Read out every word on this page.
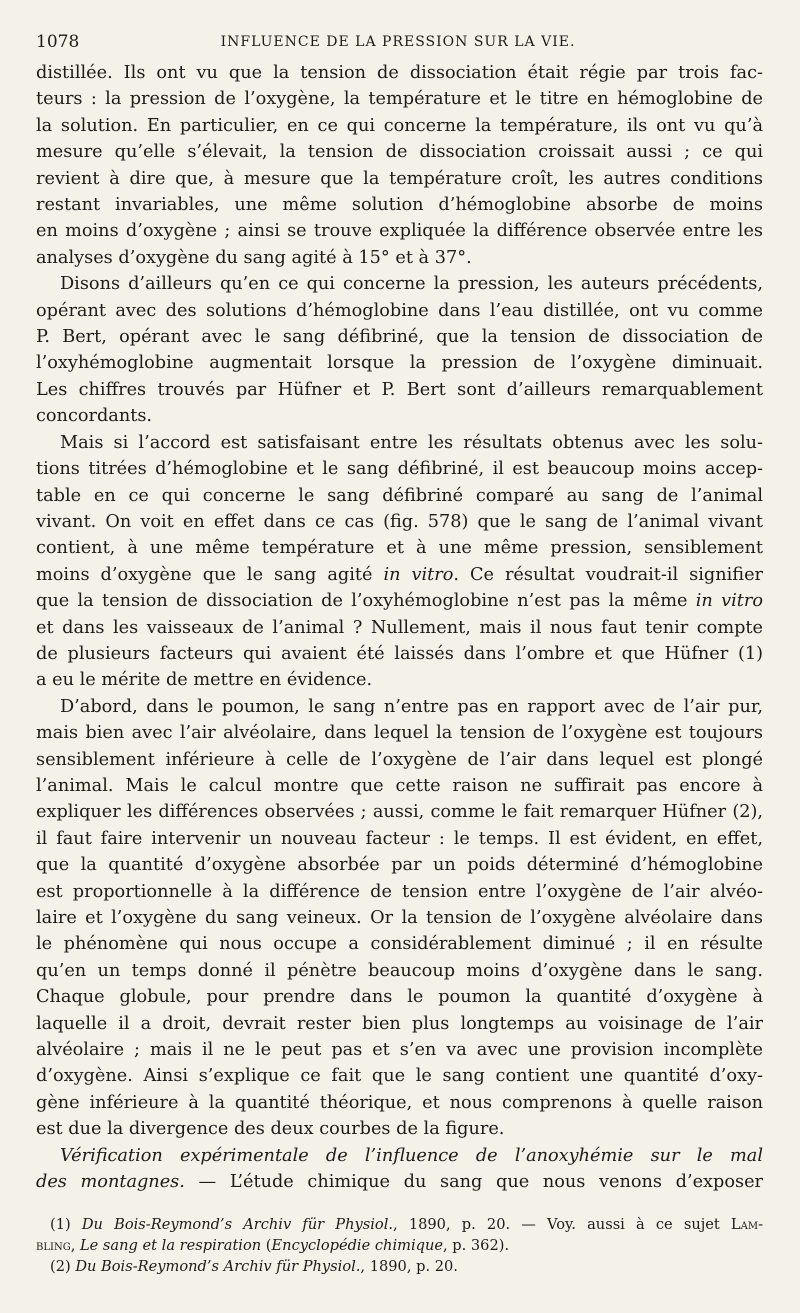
1078	INFLUENCE DE LA PRESSION SUR LA VIE.
distillée. Ils ont vu que la tension de dissociation était régie par trois fac-
teurs : la pression de l’oxygène, la température et le titre en hémoglobine de
la solution. En particulier, en ce qui concerne la température, ils ont vu qu’à
mesure qu’elle s’élevait, la tension de dissociation croissait aussi ; ce qui
revient à dire que, à mesure que la température croît, les autres conditions
restant invariables, une même solution d’hémoglobine absorbe de moins
en moins d’oxygène ; ainsi se trouve expliquée la différence observée entre les
analyses d’oxygène du sang agité à 15° et à 37°.
Disons d’ailleurs qu’en ce qui concerne la pression, les auteurs précédents,
opérant avec des solutions d’hémoglobine dans l’eau distillée, ont vu comme
P. Bert, opérant avec le sang défibriné, que la tension de dissociation de
l’oxyhémoglobine augmentait lorsque la pression de l’oxygène diminuait.
Les chiffres trouvés par Hüfner et P. Bert sont d’ailleurs remarquablement
concordants.
Mais si l’accord est satisfaisant entre les résultats obtenus avec les solu-
tions titrées d’hémoglobine et le sang défibriné, il est beaucoup moins accep-
table en ce qui concerne le sang défibriné comparé au sang de l’animal
vivant. On voit en effet dans ce cas (fig. 578) que le sang de l’animal vivant
contient, à une même température et à une même pression, sensiblement
moins d’oxygène que le sang agité in vitro. Ce résultat voudrait-il signifier
que la tension de dissociation de l’oxyhémoglobine n’est pas la même in vitro
et dans les vaisseaux de l’animal ? Nullement, mais il nous faut tenir compte
de plusieurs facteurs qui avaient été laissés dans l’ombre et que Hüfner (1)
a eu le mérite de mettre en évidence.
D’abord, dans le poumon, le sang n’entre pas en rapport avec de l’air pur,
mais bien avec l’air alvéolaire, dans lequel la tension de l’oxygène est toujours
sensiblement inférieure à celle de l’oxygène de l’air dans lequel est plongé
l’animal. Mais le calcul montre que cette raison ne suffirait pas encore à
expliquer les différences observées ; aussi, comme le fait remarquer Hüfner (2),
il faut faire intervenir un nouveau facteur : le temps. Il est évident, en effet,
que la quantité d’oxygène absorbée par un poids déterminé d’hémoglobine
est proportionnelle à la différence de tension entre l’oxygène de l’air alvéo-
laire et l’oxygène du sang veineux. Or la tension de l’oxygène alvéolaire dans
le phénomène qui nous occupe a considérablement diminué ; il en résulte
qu’en un temps donné il pénètre beaucoup moins d’oxygène dans le sang.
Chaque globule, pour prendre dans le poumon la quantité d’oxygène à
laquelle il a droit, devrait rester bien plus longtemps au voisinage de l’air
alvéolaire ; mais il ne le peut pas et s’en va avec une provision incomplète
d’oxygène. Ainsi s’explique ce fait que le sang contient une quantité d’oxy-
gène inférieure à la quantité théorique, et nous comprenons à quelle raison
est due la divergence des deux courbes de la figure.
Vérification expérimentale de l’influence de l’anoxyhémie sur le mal
des montagnes. — L’étude chimique du sang que nous venons d’exposer
(1) Du Bois-Reymond’s Archiv für Physiol., 1890, p. 20. — Voy. aussi à ce sujet Lam-
bling, Le sang et la respiration (Encyclopédie chimique, p. 362).
(2) Du Bois-Reymond’s Archiv für Physiol., 1890, p. 20.
